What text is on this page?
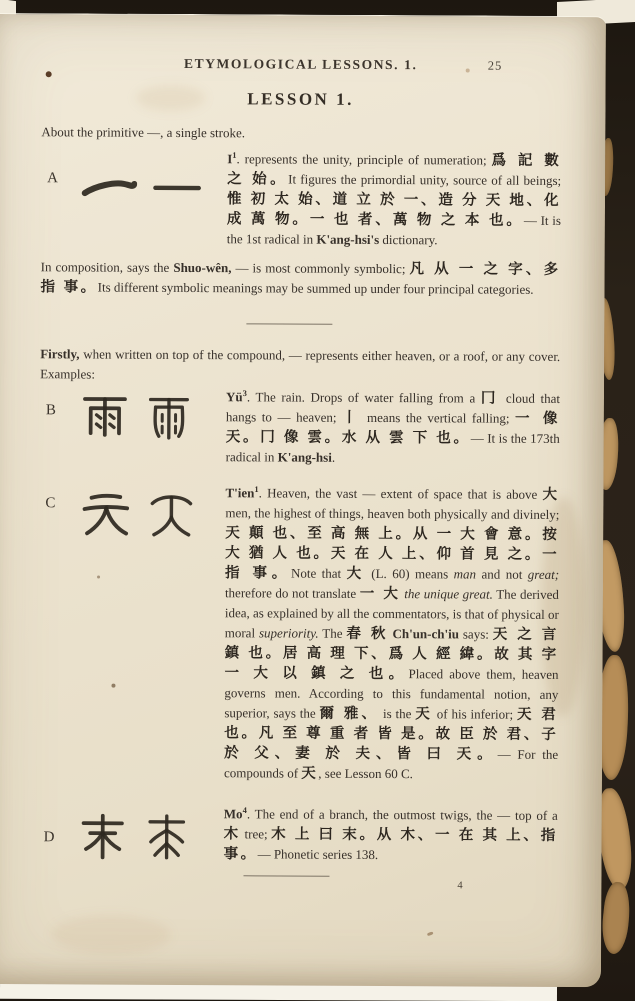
ETYMOLOGICAL LESSONS. 1.	25
LESSON 1.
About the primitive —, a single stroke.
A
$I^1$. represents the unity, principle of numeration; 爲 記 數 之 始。It figures the primordial unity, source of all beings; 惟 初 太 始、道 立 於 一、造 分 天 地、化 成 萬 物。一 也 者、萬 物 之 本 也。— It is the 1st radical in K'ang-hsi's dictionary.
In composition, says the Shuo-wên, — is most commonly symbolic; 凡 从 一 之 字、多 指 事。Its different symbolic meanings may be summed up under four principal categories.
Firstly, when written on top of the compound, — represents either heaven, or a roof, or any cover. Examples:
B
$Yü^3$. The rain. Drops of water falling from a 冂 cloud that hangs to — heaven; 丨 means the vertical falling; 一 像 天。冂 像 雲。水 从 雲 下 也。— It is the 173th radical in K'ang-hsi.
C
T'ien$^1$. Heaven, the vast — extent of space that is above 大 men, the highest of things, heaven both physically and divinely; 天 顛 也、至 高 無 上。从 一 大 會 意。按 大 猶 人 也。天 在 人 上、仰 首 見 之。一 指 事。Note that 大 (L. 60) means man and not great; therefore do not translate 一 大 the unique great. The derived idea, as explained by all the commentators, is that of physical or moral superiority. The 春 秋 Ch'un-ch'iu says: 天 之 言 鎮 也。居 高 理 下、爲 人 經 緯。故 其 字 一 大 以 鎮 之 也。Placed above them, heaven governs men. According to this fundamental notion, any superior, says the 爾 雅、 is the 天 of his inferior; 天 君 也。凡 至 尊 重 者 皆 是。故 臣 於 君、子 於 父、妻 於 夫、皆 曰 天。— For the compounds of 天, see Lesson 60 C.
D
Mo$^4$. The end of a branch, the outmost twigs, the — top of a 木 tree; 木 上 曰 末。从 木、一 在 其 上、指 事。— Phonetic series 138.
4
